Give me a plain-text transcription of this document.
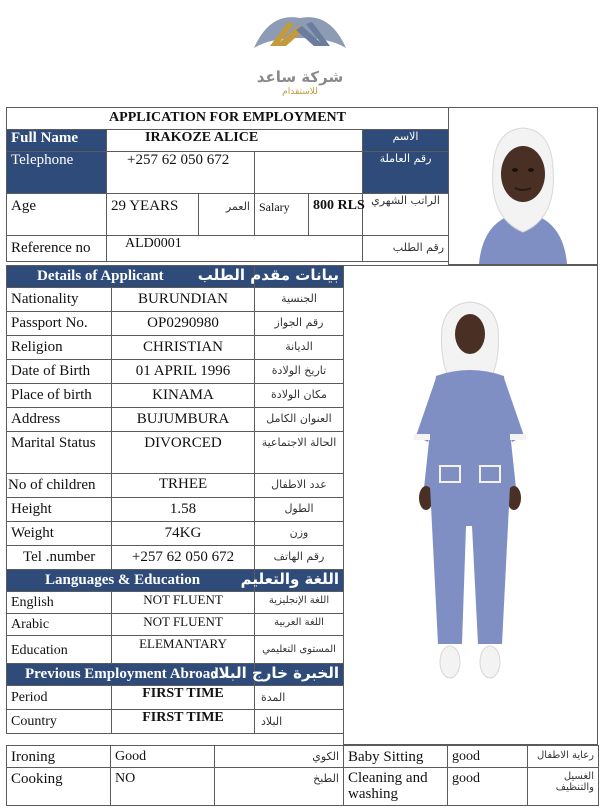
شركة ساعد
للاستقدام
APPLICATION FOR EMPLOYMENT					
Full Name	IRAKOZE ALICE				الاسم
Telephone	+257 62 050 672				رقم العاملة
Age	29 YEARS	العمر	Salary	800 RLS	الراتب الشهري
Reference no	ALD0001				رقم الطلب
Details of Applicant		بيانات مقدم الطلب
Nationality	BURUNDIAN	الجنسية
Passport No.	OP0290980	رقم الجواز
Religion	CHRISTIAN	الديانة
Date of Birth	01 APRIL 1996	تاريخ الولادة
Place of birth	KINAMA	مكان الولادة
Address	BUJUMBURA	العنوان الكامل
Marital Status	DIVORCED	الحالة الاجتماعية
No of children	TRHEE	عدد الاطفال
Height	1.58	الطول
Weight	74KG	وزن
Tel .number	+257 62 050 672	رقم الهاتف
Languages & Education		اللغة والتعليم
English	NOT FLUENT	اللغة الإنجليزية
Arabic	NOT FLUENT	اللغة العربية
Education	ELEMANTARY	المستوى التعليمي
Previous Employment Abroad		الخبرة خارج البلاد
Period	FIRST TIME	المدة
Country	FIRST TIME	البلاد
Ironing	Good	الكوي	Baby Sitting	good	رعاية الاطفال
Cooking	NO	الطبخ	Cleaning and washing	good	الغسيل والتنظيف
